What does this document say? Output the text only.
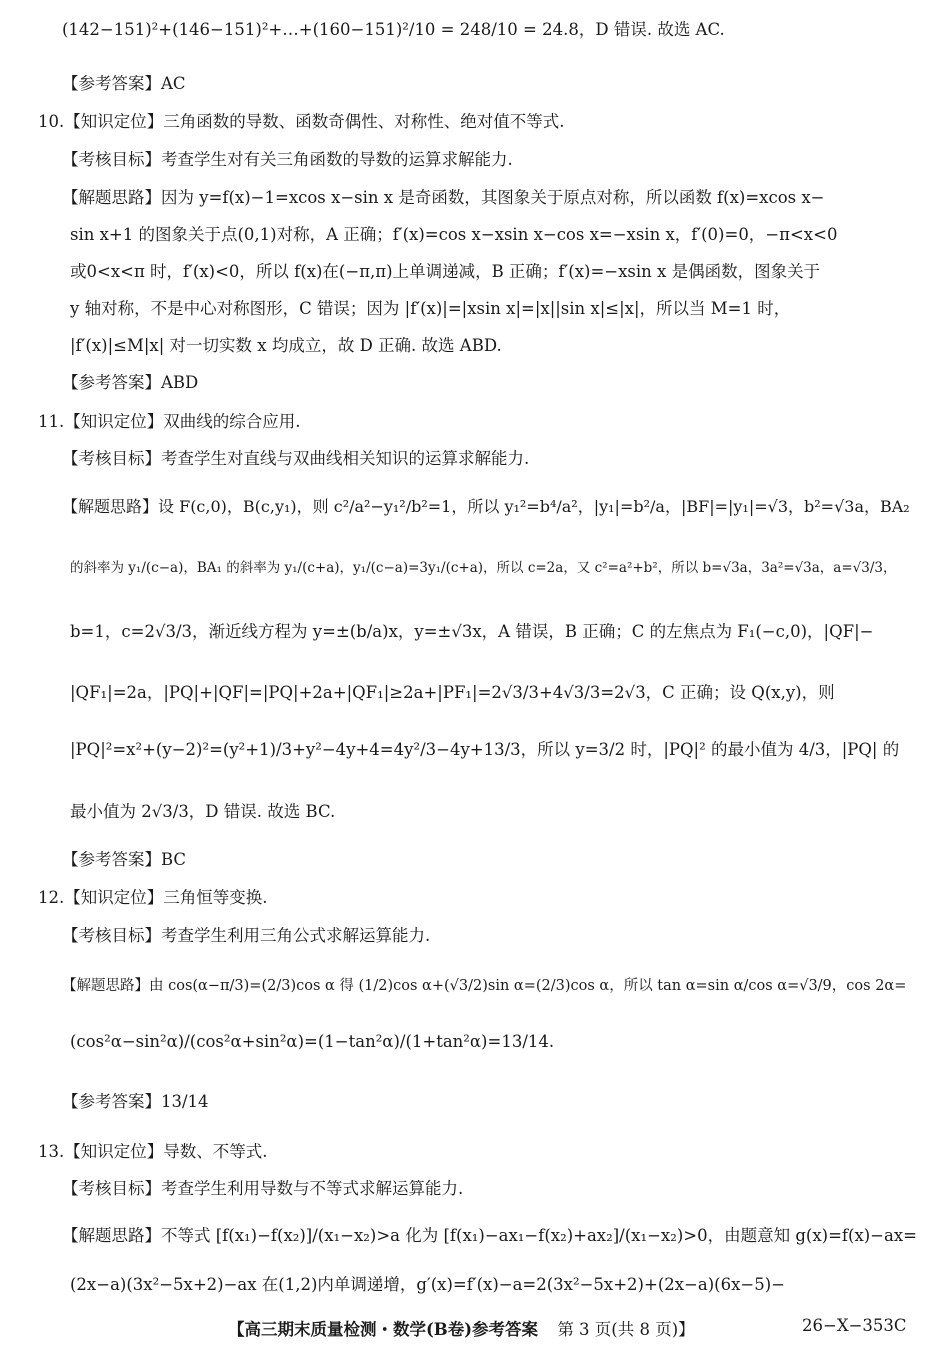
(142−151)²+(146−151)²+…+(160−151)²/10 = 248/10 = 24.8，D 错误. 故选 AC.
【参考答案】AC
10.【知识定位】三角函数的导数、函数奇偶性、对称性、绝对值不等式.
【考核目标】考查学生对有关三角函数的导数的运算求解能力.
【解题思路】因为 y=f(x)−1=xcos x−sin x 是奇函数，其图象关于原点对称，所以函数 f(x)=xcos x−
sin x+1 的图象关于点(0,1)对称，A 正确；f′(x)=cos x−xsin x−cos x=−xsin x，f′(0)=0，−π<x<0
或0<x<π 时，f′(x)<0，所以 f(x)在(−π,π)上单调递减，B 正确；f′(x)=−xsin x 是偶函数，图象关于
y 轴对称，不是中心对称图形，C 错误；因为 |f′(x)|=|xsin x|=|x||sin x|≤|x|，所以当 M=1 时，
|f′(x)|≤M|x| 对一切实数 x 均成立，故 D 正确. 故选 ABD.
【参考答案】ABD
11.【知识定位】双曲线的综合应用.
【考核目标】考查学生对直线与双曲线相关知识的运算求解能力.
【解题思路】设 F(c,0)，B(c,y₁)，则 c²/a²−y₁²/b²=1，所以 y₁²=b⁴/a²，|y₁|=b²/a，|BF|=|y₁|=√3，b²=√3a，BA₂
的斜率为 y₁/(c−a)，BA₁ 的斜率为 y₁/(c+a)，y₁/(c−a)=3y₁/(c+a)，所以 c=2a，又 c²=a²+b²，所以 b=√3a，3a²=√3a，a=√3/3，
b=1，c=2√3/3，渐近线方程为 y=±(b/a)x，y=±√3x，A 错误，B 正确；C 的左焦点为 F₁(−c,0)，|QF|−
|QF₁|=2a，|PQ|+|QF|=|PQ|+2a+|QF₁|≥2a+|PF₁|=2√3/3+4√3/3=2√3，C 正确；设 Q(x,y)，则
|PQ|²=x²+(y−2)²=(y²+1)/3+y²−4y+4=4y²/3−4y+13/3，所以 y=3/2 时，|PQ|² 的最小值为 4/3，|PQ| 的
最小值为 2√3/3，D 错误. 故选 BC.
【参考答案】BC
12.【知识定位】三角恒等变换.
【考核目标】考查学生利用三角公式求解运算能力.
【解题思路】由 cos(α−π/3)=(2/3)cos α 得 (1/2)cos α+(√3/2)sin α=(2/3)cos α，所以 tan α=sin α/cos α=√3/9，cos 2α=
(cos²α−sin²α)/(cos²α+sin²α)=(1−tan²α)/(1+tan²α)=13/14.
【参考答案】13/14
13.【知识定位】导数、不等式.
【考核目标】考查学生利用导数与不等式求解运算能力.
【解题思路】不等式 [f(x₁)−f(x₂)]/(x₁−x₂)>a 化为 [f(x₁)−ax₁−f(x₂)+ax₂]/(x₁−x₂)>0，由题意知 g(x)=f(x)−ax=
(2x−a)(3x²−5x+2)−ax 在(1,2)内单调递增，g′(x)=f′(x)−a=2(3x²−5x+2)+(2x−a)(6x−5)−
【高三期末质量检测・数学(B卷)参考答案 第 3 页(共 8 页)】	26−X−353C
